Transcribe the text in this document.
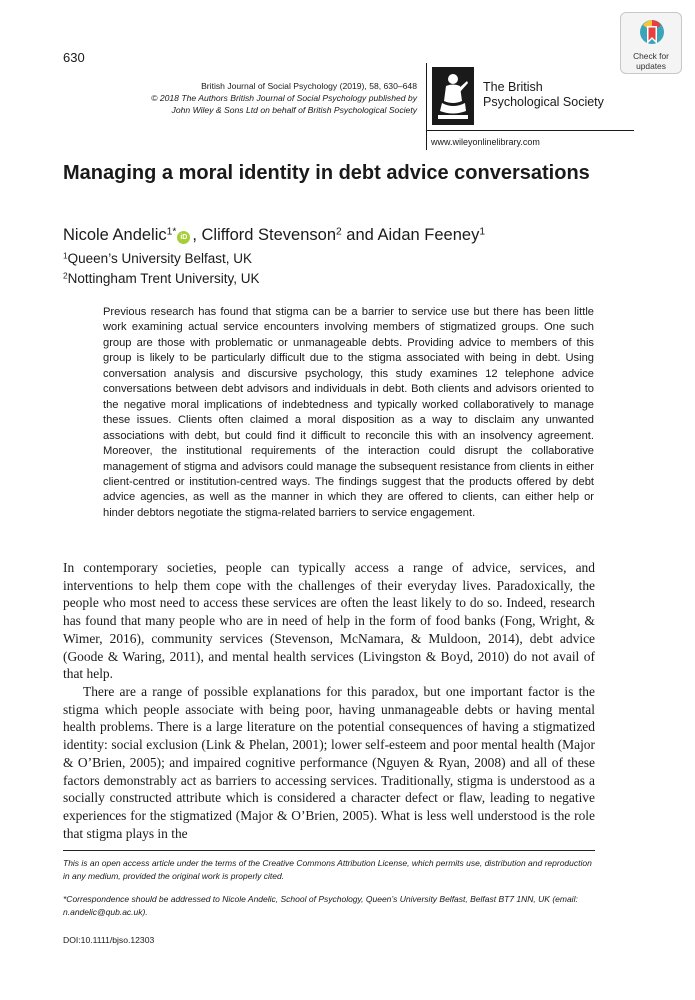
630
British Journal of Social Psychology (2019), 58, 630–648
© 2018 The Authors British Journal of Social Psychology published by
John Wiley & Sons Ltd on behalf of British Psychological Society
The British
Psychological Society
www.wileyonlinelibrary.com
Check for
updates
Managing a moral identity in debt advice conversations
Nicole Andelic$^{1*}$iD , Clifford Stevenson$^2$ and Aidan Feeney$^1$
$^1$Queen’s University Belfast, UK
$^2$Nottingham Trent University, UK

Previous research has found that stigma can be a barrier to service use but there has been little work examining actual service encounters involving members of stigmatized groups. One such group are those with problematic or unmanageable debts. Providing advice to members of this group is likely to be particularly difficult due to the stigma associated with being in debt. Using conversation analysis and discursive psychology, this study examines 12 telephone advice conversations between debt advisors and individuals in debt. Both clients and advisors oriented to the negative moral implications of indebtedness and typically worked collaboratively to manage these issues. Clients often claimed a moral disposition as a way to disclaim any unwanted associations with debt, but could find it difficult to reconcile this with an insolvency agreement. Moreover, the institutional requirements of the interaction could disrupt the collaborative management of stigma and advisors could manage the subsequent resistance from clients in either client-centred or institution-centred ways. The findings suggest that the products offered by debt advice agencies, as well as the manner in which they are offered to clients, can either help or hinder debtors negotiate the stigma-related barriers to service engagement.

In contemporary societies, people can typically access a range of advice, services, and interventions to help them cope with the challenges of their everyday lives. Paradoxically, the people who most need to access these services are often the least likely to do so. Indeed, research has found that many people who are in need of help in the form of food banks (Fong, Wright, & Wimer, 2016), community services (Stevenson, McNamara, & Muldoon, 2014), debt advice (Goode & Waring, 2011), and mental health services (Livingston & Boyd, 2010) do not avail of that help.

There are a range of possible explanations for this paradox, but one important factor is the stigma which people associate with being poor, having unmanageable debts or having mental health problems. There is a large literature on the potential consequences of having a stigmatized identity: social exclusion (Link & Phelan, 2001); lower self-esteem and poor mental health (Major & O’Brien, 2005); and impaired cognitive performance (Nguyen & Ryan, 2008) and all of these factors demonstrably act as barriers to accessing services. Traditionally, stigma is understood as a socially constructed attribute which is considered a character defect or flaw, leading to negative experiences for the stigmatized (Major & O’Brien, 2005). What is less well understood is the role that stigma plays in the

This is an open access article under the terms of the Creative Commons Attribution License, which permits use, distribution and reproduction in any medium, provided the original work is properly cited.

*Correspondence should be addressed to Nicole Andelic, School of Psychology, Queen’s University Belfast, Belfast BT7 1NN, UK (email: n.andelic@qub.ac.uk).

DOI:10.1111/bjso.12303
